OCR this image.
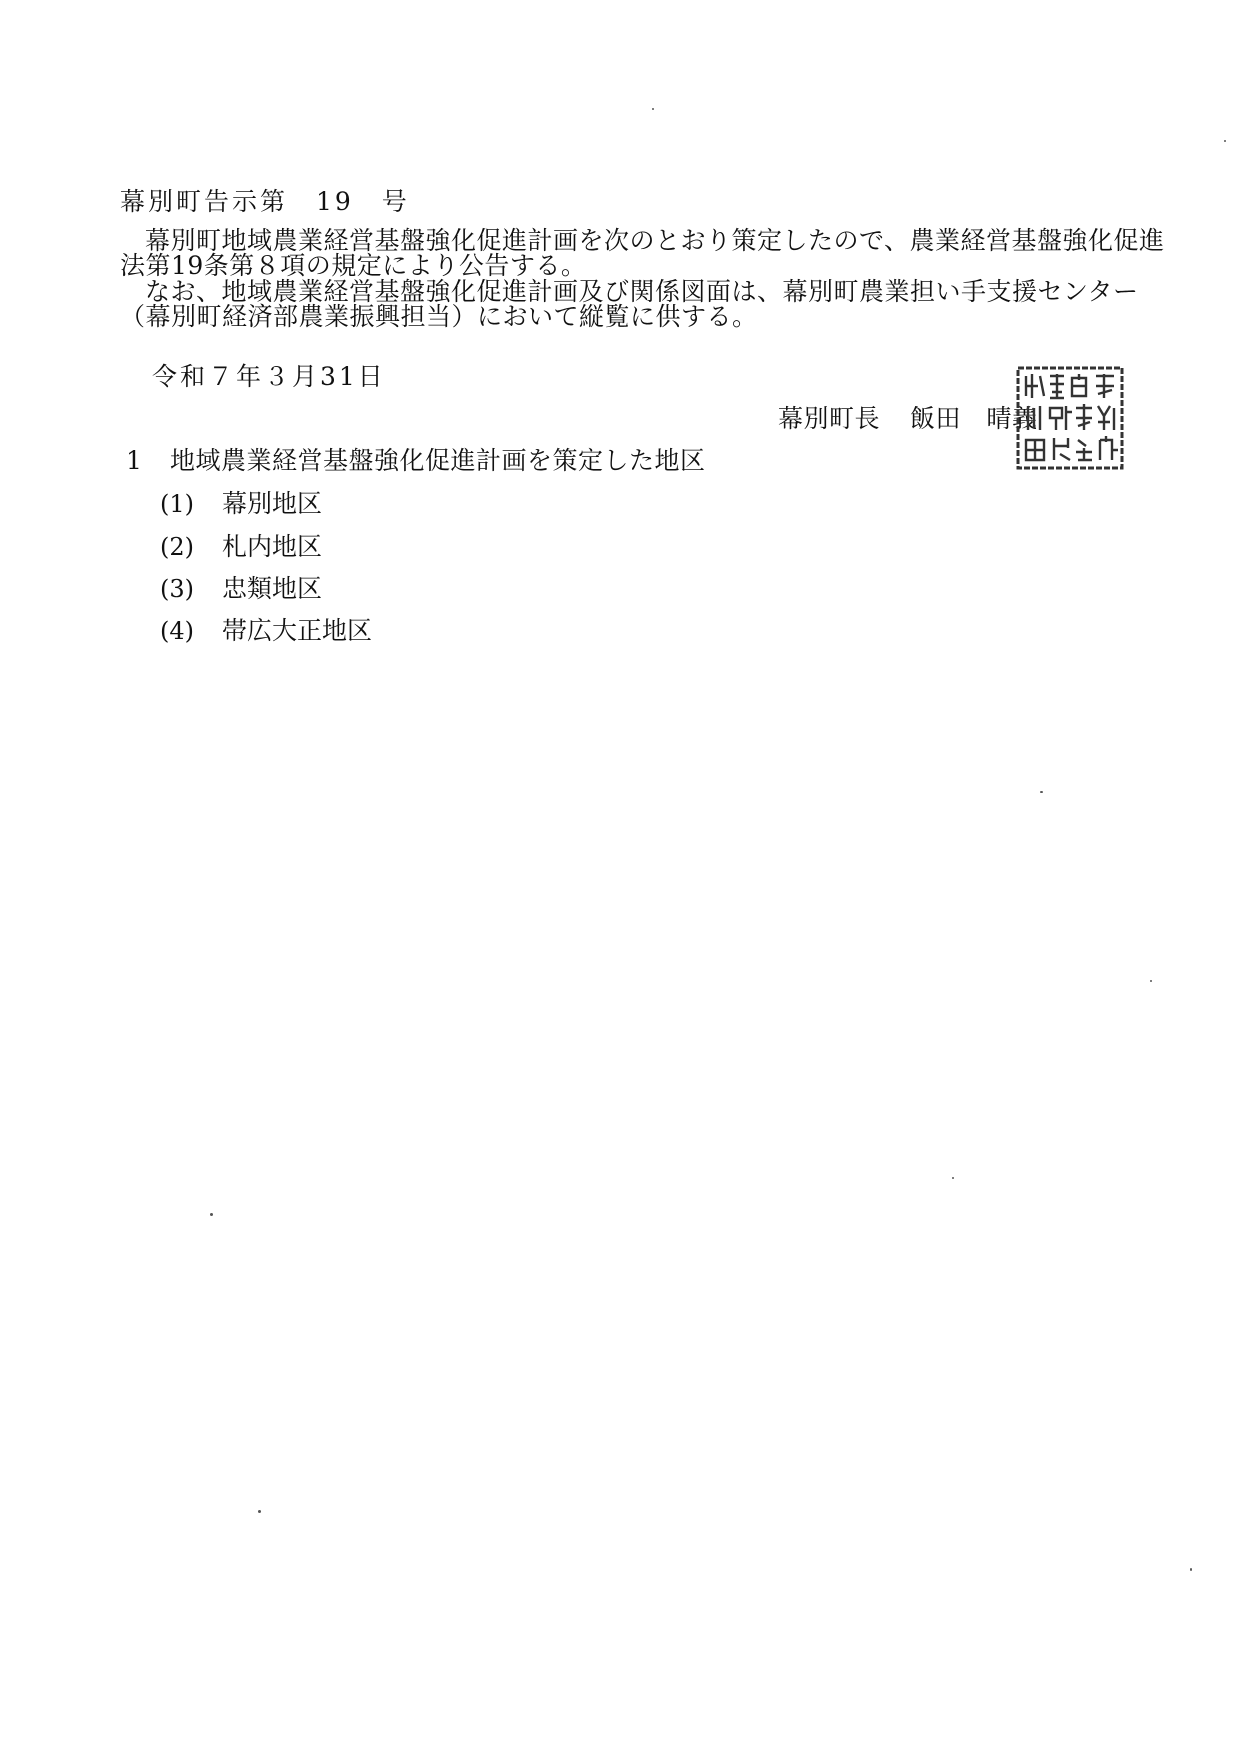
幕別町告示第　19　号
幕別町地域農業経営基盤強化促進計画を次のとおり策定したので、農業経営基盤強化促進
法第19条第８項の規定により公告する。
なお、地域農業経営基盤強化促進計画及び関係図面は、幕別町農業担い手支援センター
（幕別町経済部農業振興担当）において縦覧に供する。
令和７年３月31日
幕別町長 飯田　晴義
1 地域農業経営基盤強化促進計画を策定した地区
(1) 幕別地区
(2) 札内地区
(3) 忠類地区
(4) 帯広大正地区
